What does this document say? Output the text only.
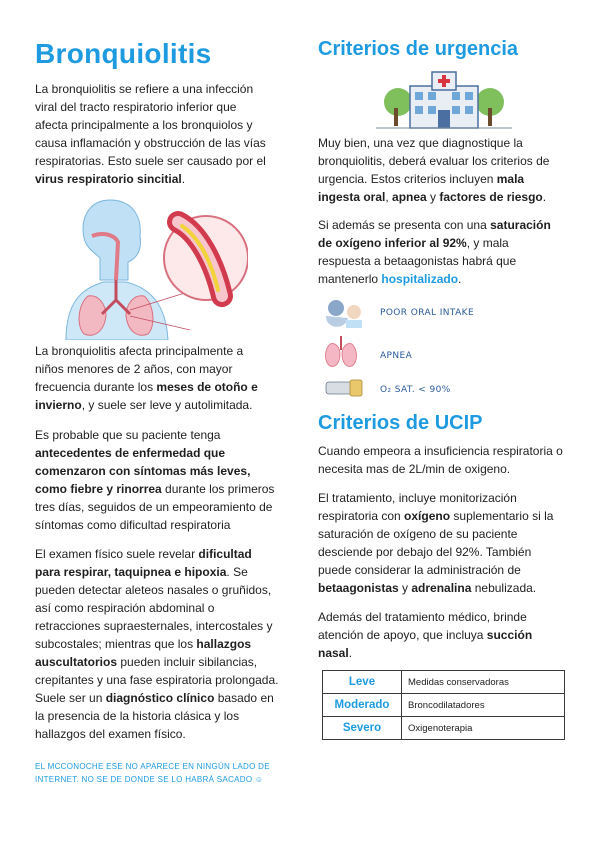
Bronquiolitis

La bronquiolitis se refiere a una infección viral del tracto respiratorio inferior que afecta principalmente a los bronquiolos y causa inflamación y obstrucción de las vías respiratorias. Esto suele ser causado por el virus respiratorio sincitial.

La bronquiolitis afecta principalmente a niños menores de 2 años, con mayor frecuencia durante los meses de otoño e invierno, y suele ser leve y autolimitada.

Es probable que su paciente tenga antecedentes de enfermedad que comenzaron con síntomas más leves, como fiebre y rinorrea durante los primeros tres días, seguidos de un empeoramiento de síntomas como dificultad respiratoria

El examen físico suele revelar dificultad para respirar, taquipnea e hipoxia. Se pueden detectar aleteos nasales o gruñidos, así como respiración abdominal o retracciones supraesternales, intercostales y subcostales; mientras que los hallazgos auscultatorios pueden incluir sibilancias, crepitantes y una fase espiratoria prolongada. Suele ser un diagnóstico clínico basado en la presencia de la historia clásica y los hallazgos del examen físico.

EL MCCONOCHE ESE NO APARECE EN NINGÚN LADO DE INTERNET. NO SE DE DONDE SE LO HABRÁ SACADO ☺
Criterios de urgencia

Muy bien, una vez que diagnostique la bronquiolitis, deberá evaluar los criterios de urgencia. Estos criterios incluyen mala ingesta oral, apnea y factores de riesgo.

Si además se presenta con una saturación de oxígeno inferior al 92%, y mala respuesta a betaagonistas habrá que mantenerlo hospitalizado.

POOR ORAL INTAKE
APNEA
O₂ SAT. < 90%
Criterios de UCIP

Cuando empeora a insuficiencia respiratoria o necesita mas de 2L/min de oxigeno.

El tratamiento, incluye monitorización respiratoria con oxígeno suplementario si la saturación de oxígeno de su paciente desciende por debajo del 92%. También puede considerar la administración de betaagonistas y adrenalina nebulizada.

Además del tratamiento médico, brinde atención de apoyo, que incluya succión nasal.

Leve	Medidas conservadoras
Moderado	Broncodilatadores
Severo	Oxigenoterapia
